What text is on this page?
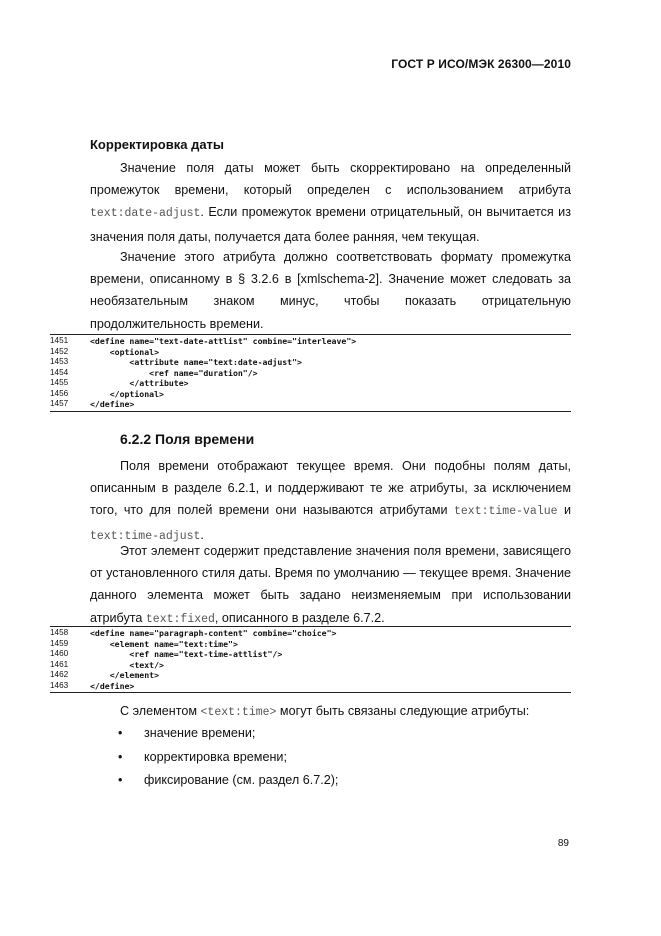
ГОСТ Р ИСО/МЭК 26300—2010
Корректировка даты
Значение поля даты может быть скорректировано на определенный промежуток времени, который определен с использованием атрибута text:date-adjust. Если промежуток времени отрицательный, он вычитается из значения поля даты, получается дата более ранняя, чем текущая.
Значение этого атрибута должно соответствовать формату промежутка времени, описанному в § 3.2.6 в [xmlschema-2]. Значение может следовать за необязательным знаком минус, чтобы показать отрицательную продолжительность времени.
1451	<define name="text-date-attlist" combine="interleave">
1452	<optional>
1453	<attribute name="text:date-adjust">
1454	<ref name="duration"/>
1455	</attribute>
1456	</optional>
1457	</define>
6.2.2 Поля времени
Поля времени отображают текущее время. Они подобны полям даты, описанным в разделе 6.2.1, и поддерживают те же атрибуты, за исключением того, что для полей времени они называются атрибутами text:time-value и text:time-adjust.
Этот элемент содержит представление значения поля времени, зависящего от установленного стиля даты. Время по умолчанию — текущее время. Значение данного элемента может быть задано неизменяемым при использовании атрибута text:fixed, описанного в разделе 6.7.2.
1458	<define name="paragraph-content" combine="choice">
1459	<element name="text:time">
1460	<ref name="text-time-attlist"/>
1461	<text/>
1462	</element>
1463	</define>
С элементом <text:time> могут быть связаны следующие атрибуты:
•	значение времени;
•	корректировка времени;
•	фиксирование (см. раздел 6.7.2);
89
